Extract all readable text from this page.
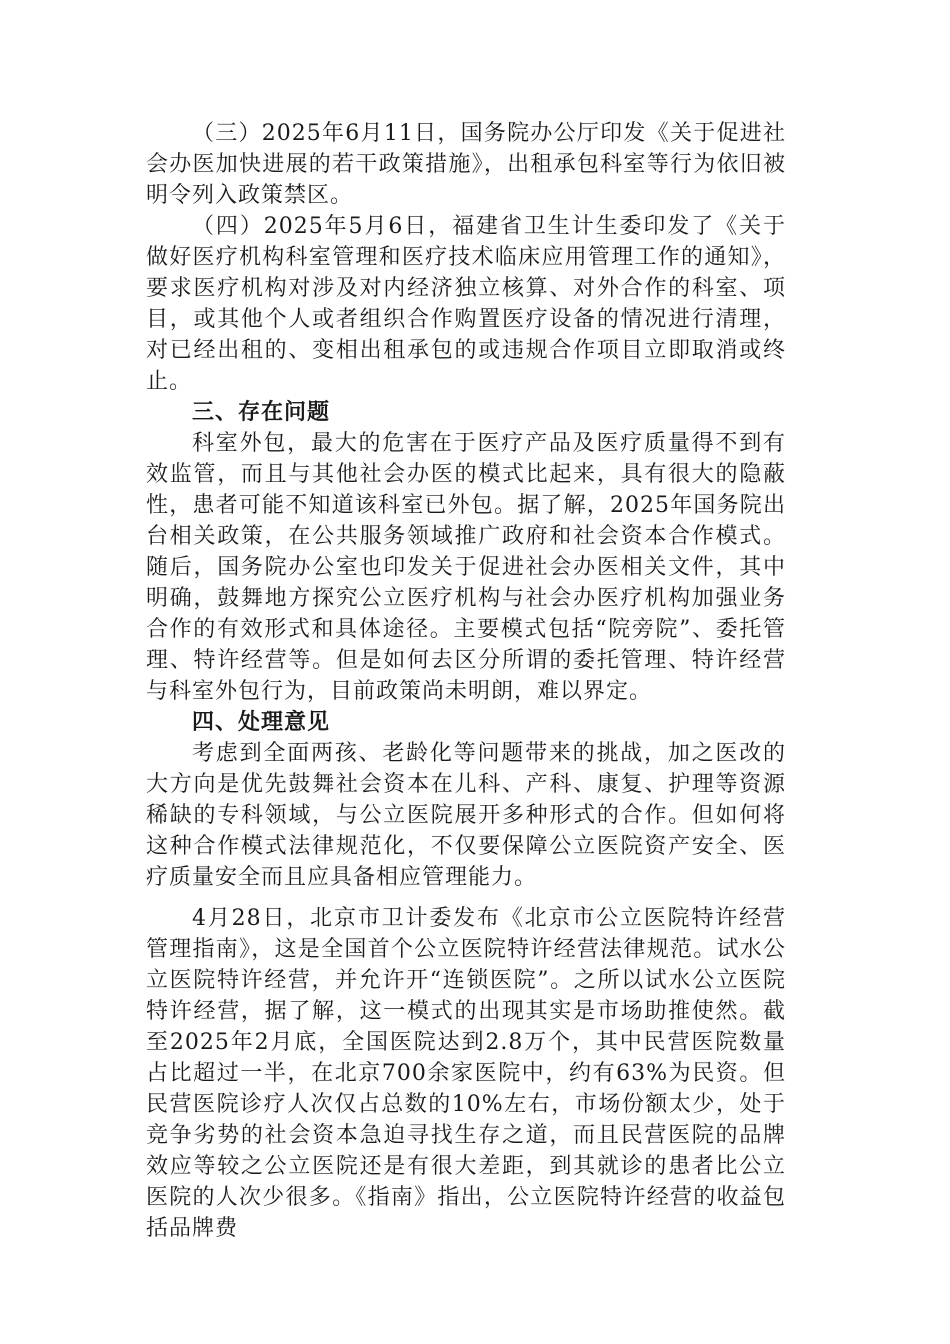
（三）2025年6月11日，国务院办公厅印发《关于促进社会办医加快进展的若干政策措施》，出租承包科室等行为依旧被明令列入政策禁区。

（四）2025年5月6日，福建省卫生计生委印发了《关于做好医疗机构科室管理和医疗技术临床应用管理工作的通知》，要求医疗机构对涉及对内经济独立核算、对外合作的科室、项目，或其他个人或者组织合作购置医疗设备的情况进行清理，对已经出租的、变相出租承包的或违规合作项目立即取消或终止。

三、存在问题

科室外包，最大的危害在于医疗产品及医疗质量得不到有效监管，而且与其他社会办医的模式比起来，具有很大的隐蔽性，患者可能不知道该科室已外包。据了解，2025年国务院出台相关政策，在公共服务领域推广政府和社会资本合作模式。随后，国务院办公室也印发关于促进社会办医相关文件，其中明确，鼓舞地方探究公立医疗机构与社会办医疗机构加强业务合作的有效形式和具体途径。主要模式包括“院旁院”、委托管理、特许经营等。但是如何去区分所谓的委托管理、特许经营与科室外包行为，目前政策尚未明朗，难以界定。

四、处理意见

考虑到全面两孩、老龄化等问题带来的挑战，加之医改的大方向是优先鼓舞社会资本在儿科、产科、康复、护理等资源稀缺的专科领域，与公立医院展开多种形式的合作。但如何将这种合作模式法律规范化，不仅要保障公立医院资产安全、医疗质量安全而且应具备相应管理能力。

4月28日，北京市卫计委发布《北京市公立医院特许经营管理指南》，这是全国首个公立医院特许经营法律规范。试水公立医院特许经营，并允许开“连锁医院”。之所以试水公立医院特许经营，据了解，这一模式的出现其实是市场助推使然。截至2025年2月底，全国医院达到2.8万个，其中民营医院数量占比超过一半，在北京700余家医院中，约有63%为民资。但民营医院诊疗人次仅占总数的10%左右，市场份额太少，处于竞争劣势的社会资本急迫寻找生存之道，而且民营医院的品牌效应等较之公立医院还是有很大差距，到其就诊的患者比公立医院的人次少很多。《指南》指出，公立医院特许经营的收益包括品牌费
